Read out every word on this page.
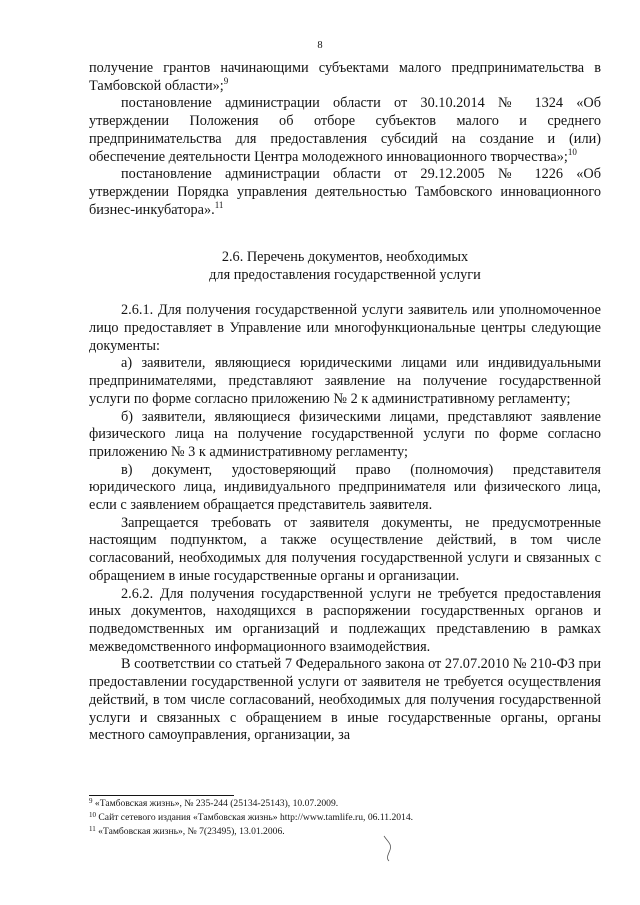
8

получение грантов начинающими субъектами малого предпринимательства в Тамбовской области»;$^9$

постановление администрации области от 30.10.2014 № 1324 «Об утверждении Положения об отборе субъектов малого и среднего предпринимательства для предоставления субсидий на создание и (или) обеспечение деятельности Центра молодежного инновационного творчества»;$^{10}$

постановление администрации области от 29.12.2005 № 1226 «Об утверждении Порядка управления деятельностью Тамбовского инновационного бизнес-инкубатора».$^{11}$

2.6. Перечень документов, необходимых
для предоставления государственной услуги

2.6.1. Для получения государственной услуги заявитель или уполномоченное лицо предоставляет в Управление или многофункциональные центры следующие документы:

а) заявители, являющиеся юридическими лицами или индивидуальными предпринимателями, представляют заявление на получение государственной услуги по форме согласно приложению № 2 к административному регламенту;

б) заявители, являющиеся физическими лицами, представляют заявление физического лица на получение государственной услуги по форме согласно приложению № 3 к административному регламенту;

в) документ, удостоверяющий право (полномочия) представителя юридического лица, индивидуального предпринимателя или физического лица, если с заявлением обращается представитель заявителя.

Запрещается требовать от заявителя документы, не предусмотренные настоящим подпунктом, а также осуществление действий, в том числе согласований, необходимых для получения государственной услуги и связанных с обращением в иные государственные органы и организации.

2.6.2. Для получения государственной услуги не требуется предоставления иных документов, находящихся в распоряжении государственных органов и подведомственных им организаций и подлежащих представлению в рамках межведомственного информационного взаимодействия.

В соответствии со статьей 7 Федерального закона от 27.07.2010 № 210-ФЗ при предоставлении государственной услуги от заявителя не требуется осуществления действий, в том числе согласований, необходимых для получения государственной услуги и связанных с обращением в иные государственные органы, органы местного самоуправления, организации, за

$^9$ «Тамбовская жизнь», № 235-244 (25134-25143), 10.07.2009.
$^{10}$ Сайт сетевого издания «Тамбовская жизнь» http://www.tamlife.ru, 06.11.2014.
$^{11}$ «Тамбовская жизнь», № 7(23495), 13.01.2006.
